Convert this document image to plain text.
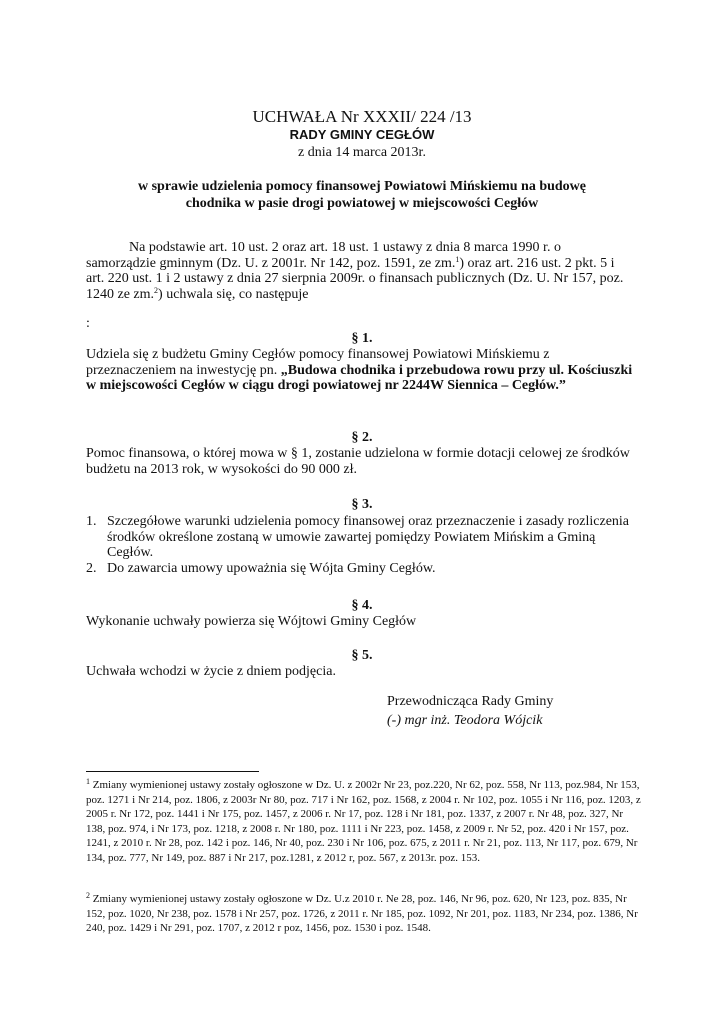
UCHWAŁA Nr XXXII/ 224 /13
RADY GMINY CEGŁÓW
z dnia 14 marca 2013r.
w sprawie udzielenia pomocy finansowej Powiatowi Mińskiemu na budowę
chodnika w pasie drogi powiatowej w miejscowości Cegłów
Na podstawie art. 10 ust. 2 oraz art. 18 ust. 1 ustawy z dnia 8 marca 1990 r. o samorządzie gminnym (Dz. U. z 2001r. Nr 142, poz. 1591, ze zm.$^1$) oraz art. 216 ust. 2 pkt. 5 i art. 220 ust. 1 i 2 ustawy z dnia 27 sierpnia 2009r. o finansach publicznych (Dz. U. Nr 157, poz. 1240 ze zm.$^2$) uchwala się, co następuje
:
§ 1.
Udziela się z budżetu Gminy Cegłów pomocy finansowej Powiatowi Mińskiemu z przeznaczeniem na inwestycję pn. „Budowa chodnika i przebudowa rowu przy ul. Kościuszki w miejscowości Cegłów w ciągu drogi powiatowej nr 2244W Siennica – Cegłów.”
§ 2.
Pomoc finansowa, o której mowa w § 1, zostanie udzielona w formie dotacji celowej ze środków budżetu na 2013 rok, w wysokości do 90 000 zł.
§ 3.
1. Szczegółowe warunki udzielenia pomocy finansowej oraz przeznaczenie i zasady rozliczenia środków określone zostaną w umowie zawartej pomiędzy Powiatem Mińskim a Gminą Cegłów.
2. Do zawarcia umowy upoważnia się Wójta Gminy Cegłów.
§ 4.
Wykonanie uchwały powierza się Wójtowi Gminy Cegłów
§ 5.
Uchwała wchodzi w życie z dniem podjęcia.
Przewodnicząca Rady Gminy
(-) mgr inż. Teodora Wójcik
$^1$ Zmiany wymienionej ustawy zostały ogłoszone w Dz. U. z 2002r Nr 23, poz.220, Nr 62, poz. 558, Nr 113, poz.984, Nr 153, poz. 1271 i Nr 214, poz. 1806, z 2003r Nr 80, poz. 717 i Nr 162, poz. 1568, z 2004 r. Nr 102, poz. 1055 i Nr 116, poz. 1203, z 2005 r. Nr 172, poz. 1441 i Nr 175, poz. 1457, z 2006 r. Nr 17, poz. 128 i Nr 181, poz. 1337, z 2007 r. Nr 48, poz. 327, Nr 138, poz. 974, i Nr 173, poz. 1218, z 2008 r. Nr 180, poz. 1111 i Nr 223, poz. 1458, z 2009 r. Nr 52, poz. 420 i Nr 157, poz. 1241, z 2010 r. Nr 28, poz. 142 i poz. 146, Nr 40, poz. 230 i Nr 106, poz. 675, z 2011 r. Nr 21, poz. 113, Nr 117, poz. 679, Nr 134, poz. 777, Nr 149, poz. 887 i Nr 217, poz.1281, z 2012 r, poz. 567, z 2013r. poz. 153.
$^2$ Zmiany wymienionej ustawy zostały ogłoszone w Dz. U.z 2010 r. Ne 28, poz. 146, Nr 96, poz. 620, Nr 123, poz. 835, Nr 152, poz. 1020, Nr 238, poz. 1578 i Nr 257, poz. 1726, z 2011 r. Nr 185, poz. 1092, Nr 201, poz. 1183, Nr 234, poz. 1386, Nr 240, poz. 1429 i Nr 291, poz. 1707, z 2012 r poz, 1456, poz. 1530 i poz. 1548.
